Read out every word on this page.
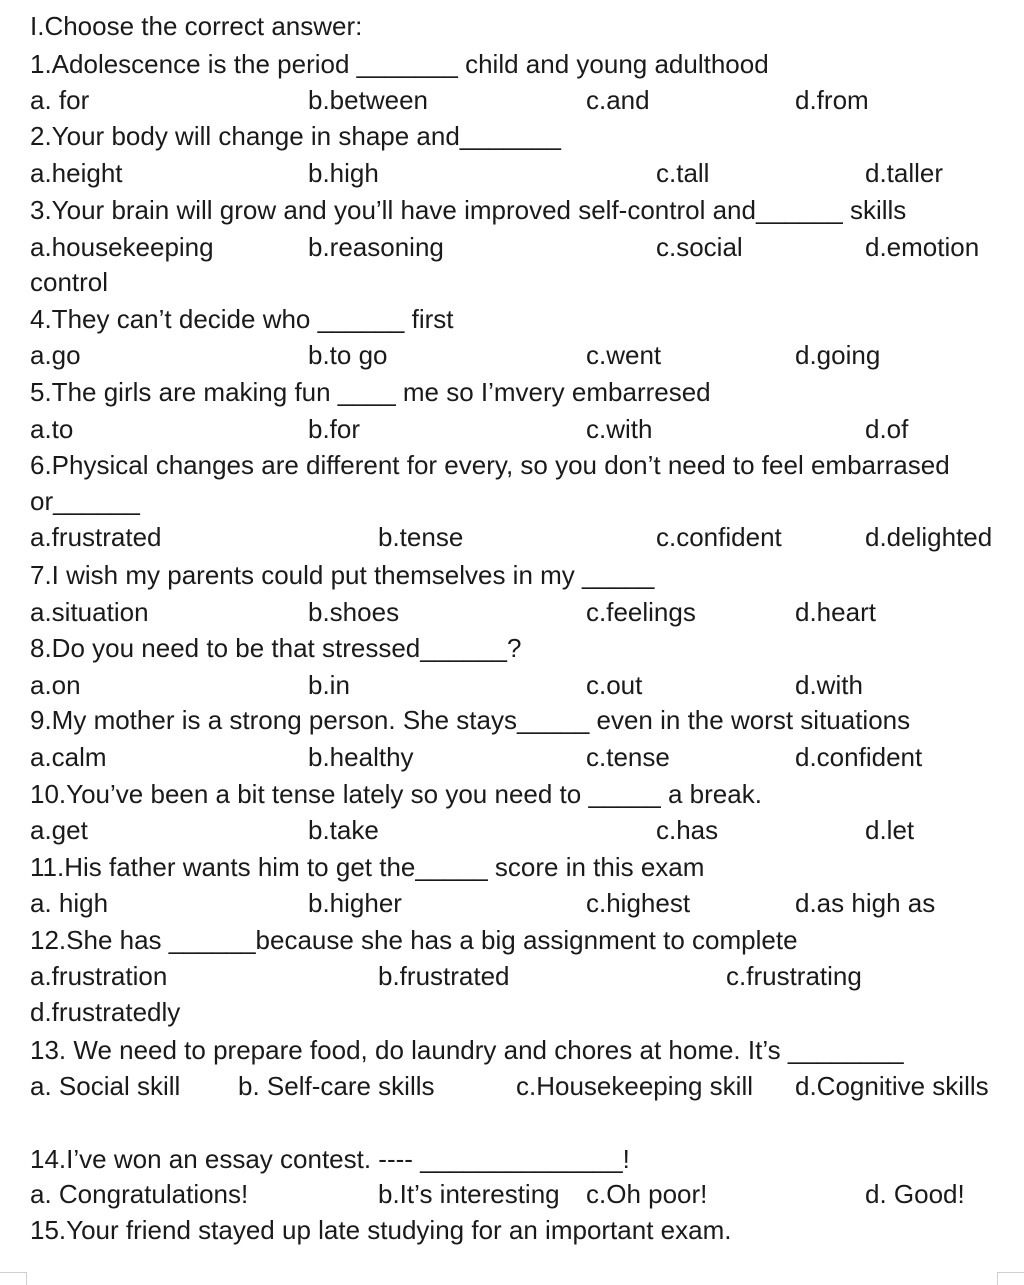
I.Choose the correct answer:
1.Adolescence is the period _______ child and young adulthood
a. for	b.between	c.and	d.from
2.Your body will change in shape and_______
a.height	b.high	c.tall	d.taller
3.Your brain will grow and you’ll have improved self-control and______ skills
a.housekeeping	b.reasoning	c.social	d.emotion
control
4.They can’t decide who ______ first
a.go	b.to go	c.went	d.going
5.The girls are making fun ____ me so I’mvery embarresed
a.to	b.for	c.with	d.of
6.Physical changes are different for every, so you don’t need to feel embarrased
or______
a.frustrated	b.tense	c.confident	d.delighted
7.I wish my parents could put themselves in my _____
a.situation	b.shoes	c.feelings	d.heart
8.Do you need to be that stressed______?
a.on	b.in	c.out	d.with
9.My mother is a strong person. She stays_____ even in the worst situations
a.calm	b.healthy	c.tense	d.confident
10.You’ve been a bit tense lately so you need to _____ a break.
a.get	b.take	c.has	d.let
11.His father wants him to get the_____ score in this exam
a. high	b.higher	c.highest	d.as high as
12.She has ______because she has a big assignment to complete
a.frustration	b.frustrated	c.frustrating
d.frustratedly
13. We need to prepare food, do laundry and chores at home. It’s ________
a. Social skill b. Self-care skills	c.Housekeeping skill d.Cognitive skills
14.I’ve won an essay contest. ---- ______________!
a. Congratulations!	b.It’s interesting c.Oh poor!	d. Good!
15.Your friend stayed up late studying for an important exam.
